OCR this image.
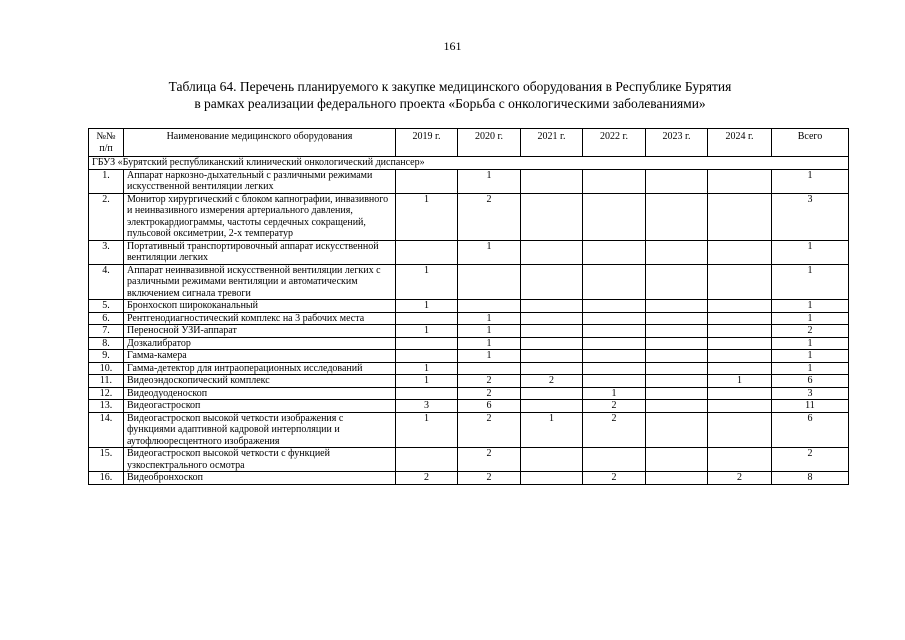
161
Таблица 64. Перечень планируемого к закупке медицинского оборудования в Республике Бурятия
в рамках реализации федерального проекта «Борьба с онкологическими заболеваниями»
№№
п/п	Наименование медицинского оборудования	2019 г.	2020 г.	2021 г.	2022 г.	2023 г.	2024 г.	Всего
ГБУЗ «Бурятский республиканский клинический онкологический диспансер»								
1.	Аппарат наркозно-дыхательный с различными режимами искусственной вентиляции легких		1					1
2.	Монитор хирургический с блоком капнографии, инвазивного и неинвазивного измерения артериального давления, электрокардиограммы, частоты сердечных сокращений, пульсовой оксиметрии, 2-х температур	1	2					3
3.	Портативный транспортировочный аппарат искусственной вентиляции легких		1					1
4.	Аппарат неинвазивной искусственной вентиляции легких с различными режимами вентиляции и автоматическим включением сигнала тревоги	1						1
5.	Бронхоскоп ширококанальный	1						1
6.	Рентгенодиагностический комплекс на 3 рабочих места		1					1
7.	Переносной УЗИ-аппарат	1	1					2
8.	Дозкалибратор		1					1
9.	Гамма-камера		1					1
10.	Гамма-детектор для интраоперационных исследований	1						1
11.	Видеоэндоскопический комплекс	1	2	2			1	6
12.	Видеодуоденоскоп		2		1			3
13.	Видеогастроскоп	3	6		2			11
14.	Видеогастроскоп высокой четкости изображения с функциями адаптивной кадровой интерполяции и аутофлюоресцентного изображения	1	2	1	2			6
15.	Видеогастроскоп высокой четкости с функцией узкоспектрального осмотра		2					2
16.	Видеобронхоскоп	2	2		2		2	8
